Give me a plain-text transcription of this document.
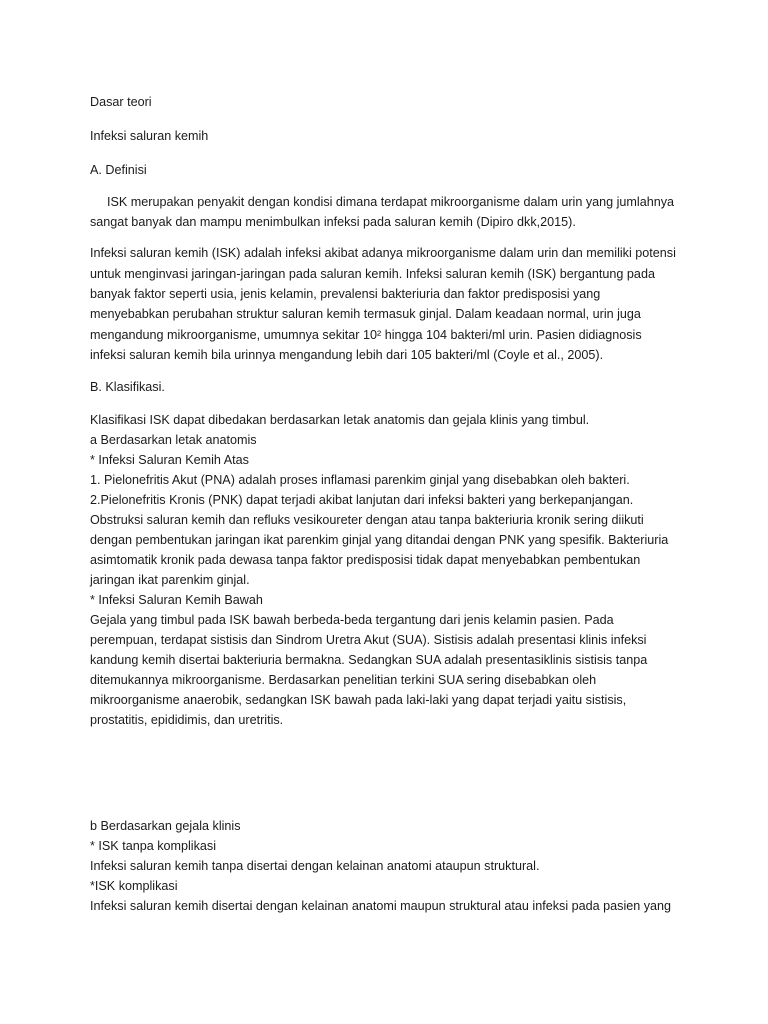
Dasar teori
Infeksi saluran kemih
A. Definisi
ISK merupakan penyakit dengan kondisi dimana terdapat mikroorganisme dalam urin yang jumlahnya
sangat banyak dan mampu menimbulkan infeksi pada saluran kemih (Dipiro dkk,2015).
Infeksi saluran kemih (ISK) adalah infeksi akibat adanya mikroorganisme dalam urin dan memiliki potensi
untuk menginvasi jaringan-jaringan pada saluran kemih. Infeksi saluran kemih (ISK) bergantung pada
banyak faktor seperti usia, jenis kelamin, prevalensi bakteriuria dan faktor predisposisi yang
menyebabkan perubahan struktur saluran kemih termasuk ginjal. Dalam keadaan normal, urin juga
mengandung mikroorganisme, umumnya sekitar 10² hingga 104 bakteri/ml urin. Pasien didiagnosis
infeksi saluran kemih bila urinnya mengandung lebih dari 105 bakteri/ml (Coyle et al., 2005).
B. Klasifikasi.
Klasifikasi ISK dapat dibedakan berdasarkan letak anatomis dan gejala klinis yang timbul.
a Berdasarkan letak anatomis
* Infeksi Saluran Kemih Atas
1. Pielonefritis Akut (PNA) adalah proses inflamasi parenkim ginjal yang disebabkan oleh bakteri.
2.Pielonefritis Kronis (PNK) dapat terjadi akibat lanjutan dari infeksi bakteri yang berkepanjangan.
Obstruksi saluran kemih dan refluks vesikoureter dengan atau tanpa bakteriuria kronik sering diikuti
dengan pembentukan jaringan ikat parenkim ginjal yang ditandai dengan PNK yang spesifik. Bakteriuria
asimtomatik kronik pada dewasa tanpa faktor predisposisi tidak dapat menyebabkan pembentukan
jaringan ikat parenkim ginjal.
* Infeksi Saluran Kemih Bawah
Gejala yang timbul pada ISK bawah berbeda-beda tergantung dari jenis kelamin pasien. Pada
perempuan, terdapat sistisis dan Sindrom Uretra Akut (SUA). Sistisis adalah presentasi klinis infeksi
kandung kemih disertai bakteriuria bermakna. Sedangkan SUA adalah presentasiklinis sistisis tanpa
ditemukannya mikroorganisme. Berdasarkan penelitian terkini SUA sering disebabkan oleh
mikroorganisme anaerobik, sedangkan ISK bawah pada laki-laki yang dapat terjadi yaitu sistisis,
prostatitis, epididimis, dan uretritis.
b Berdasarkan gejala klinis
* ISK tanpa komplikasi
Infeksi saluran kemih tanpa disertai dengan kelainan anatomi ataupun struktural.
*ISK komplikasi
Infeksi saluran kemih disertai dengan kelainan anatomi maupun struktural atau infeksi pada pasien yang
